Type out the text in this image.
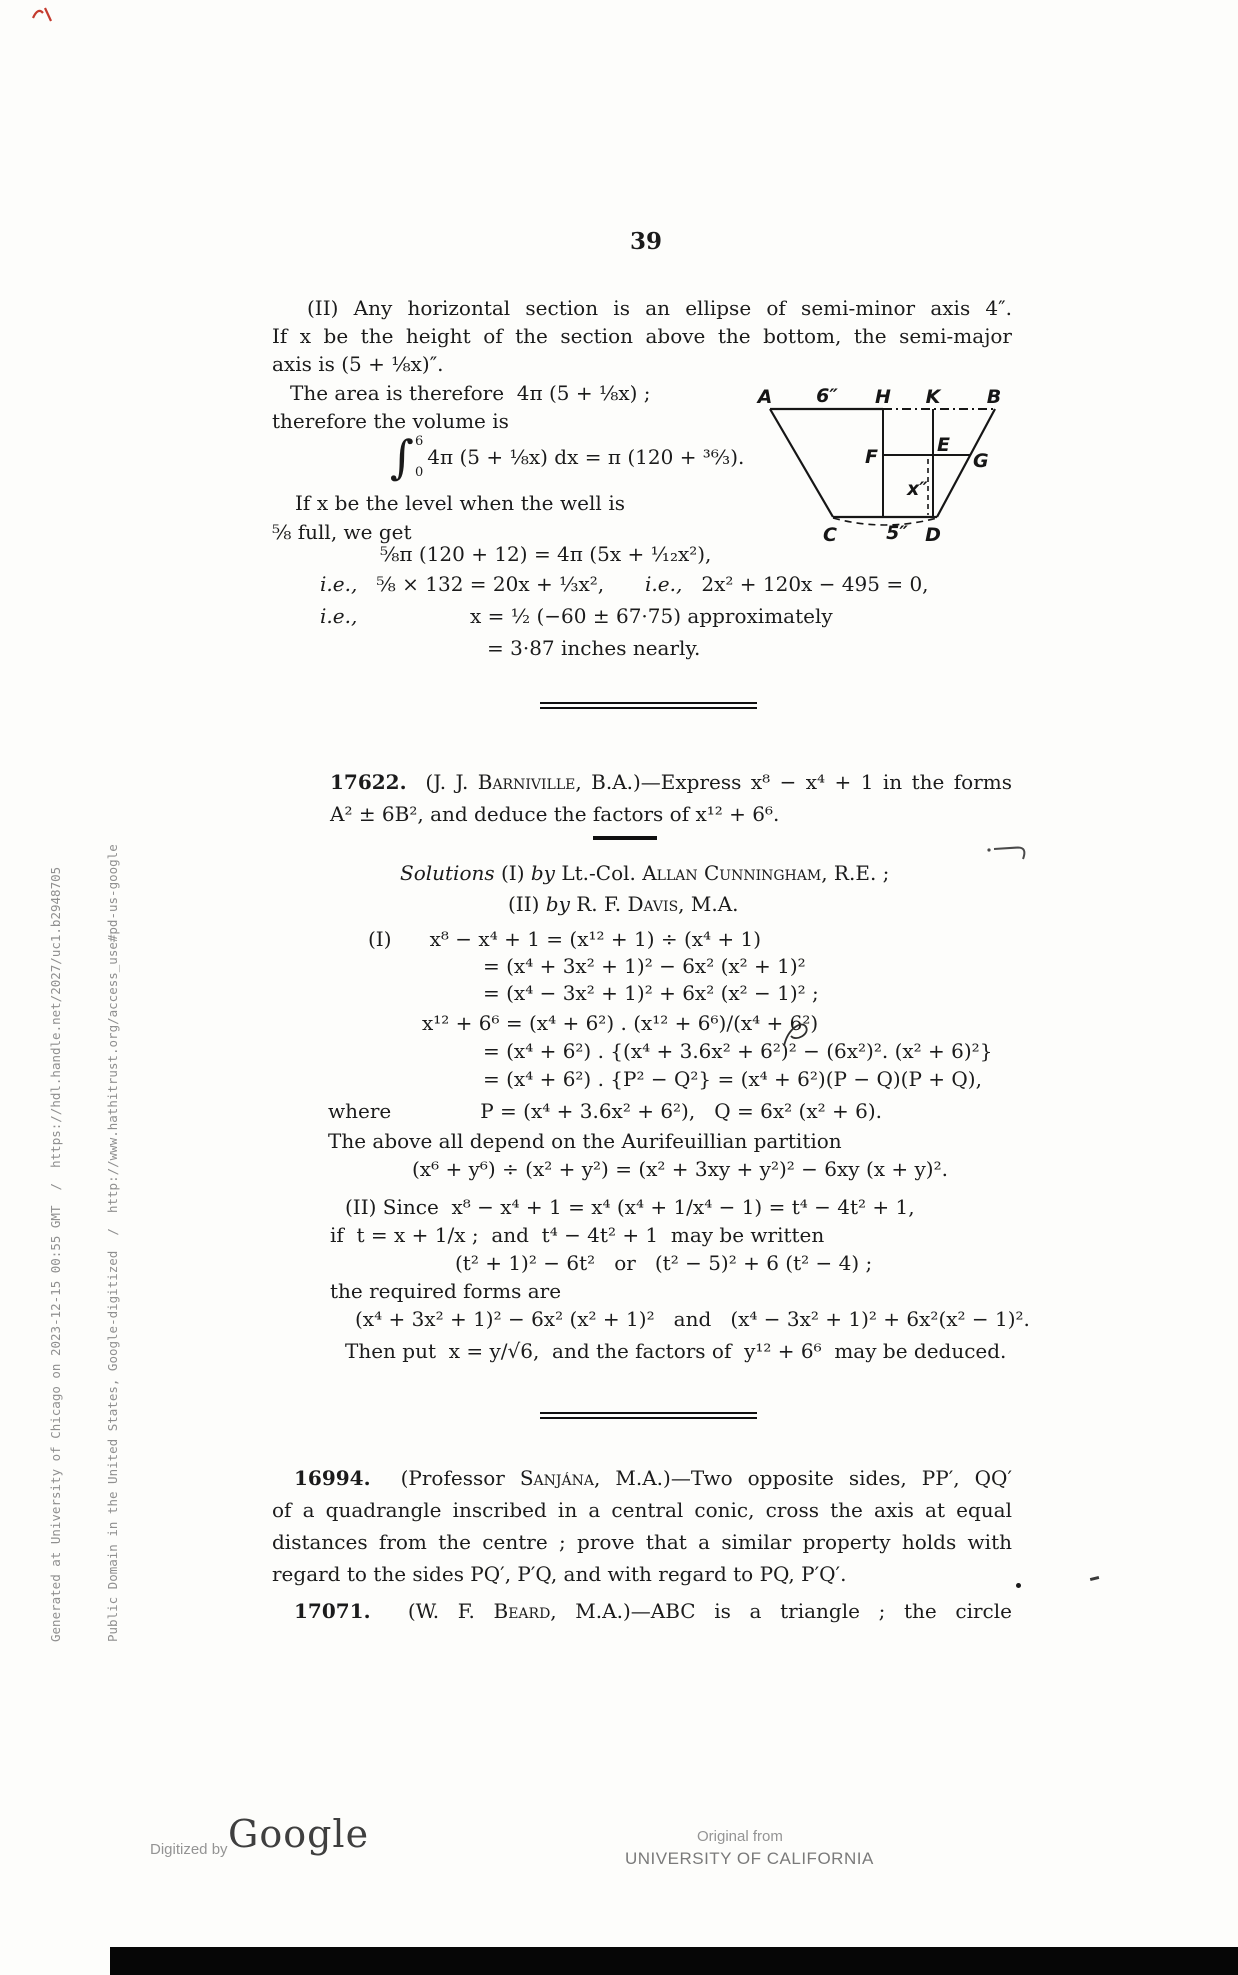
Generated at University of Chicago on 2023-12-15 00:55 GMT  /  https://hdl.handle.net/2027/uc1.b2948705

	Public Domain in the United States, Google-digitized  /  http://www.hathitrust.org/access_use#pd-us-google

39
(II) Any horizontal section is an ellipse of semi-minor axis 4″.
If x be the height of the section above the bottom, the semi-major
axis is (5 + ⅛x)″.
The area is therefore  4π (5 + ⅛x) ;
therefore the volume is
∫ 6
0
4π (5 + ⅛x) dx = π (120 + ³⁶⁄₃).
If x be the level when the well is
⅝ full, we get
⅝π (120 + 12) = 4π (5x + ¹⁄₁₂x²),
i.e.,   ⅝ × 132 = 20x + ⅓x², i.e.,   2x² + 120x − 495 = 0,
i.e.,	x = ½ (−60 ± 67·75) approximately
= 3·87 inches nearly.
A 6″ H K B
F
E
G
x″
C	5″ D
17622.  (J. J. Barniville, B.A.)—Express x⁸ − x⁴ + 1 in the forms
A² ± 6B², and deduce the factors of x¹² + 6⁶.
Solutions (I) by Lt.-Col. Allan Cunningham, R.E. ;
(II) by R. F. Davis, M.A.
(I)      x⁸ − x⁴ + 1 = (x¹² + 1) ÷ (x⁴ + 1)
= (x⁴ + 3x² + 1)² − 6x² (x² + 1)²
= (x⁴ − 3x² + 1)² + 6x² (x² − 1)² ;
x¹² + 6⁶ = (x⁴ + 6²) . (x¹² + 6⁶)/(x⁴ + 6²)
= (x⁴ + 6²) . {(x⁴ + 3.6x² + 6²)² − (6x²)². (x² + 6)²}
= (x⁴ + 6²) . {P² − Q²} = (x⁴ + 6²)(P − Q)(P + Q),
where              P = (x⁴ + 3.6x² + 6²),   Q = 6x² (x² + 6).
The above all depend on the Aurifeuillian partition
(x⁶ + y⁶) ÷ (x² + y²) = (x² + 3xy + y²)² − 6xy (x + y)².
(II) Since  x⁸ − x⁴ + 1 = x⁴ (x⁴ + 1/x⁴ − 1) = t⁴ − 4t² + 1,
if  t = x + 1/x ;  and  t⁴ − 4t² + 1  may be written
(t² + 1)² − 6t²   or   (t² − 5)² + 6 (t² − 4) ;
the required forms are
(x⁴ + 3x² + 1)² − 6x² (x² + 1)²   and   (x⁴ − 3x² + 1)² + 6x²(x² − 1)².
Then put  x = y/√6,  and the factors of  y¹² + 6⁶  may be deduced.
16994.  (Professor Sanjána, M.A.)—Two opposite sides, PP′, QQ′
of a quadrangle inscribed in a central conic, cross the axis at equal
distances from the centre ; prove that a similar property holds with
regard to the sides PQ′, P′Q, and with regard to PQ, P′Q′.
17071.  (W. F. Beard, M.A.)—ABC is a triangle ; the circle
Digitized by Google	Original from
UNIVERSITY OF CALIFORNIA
